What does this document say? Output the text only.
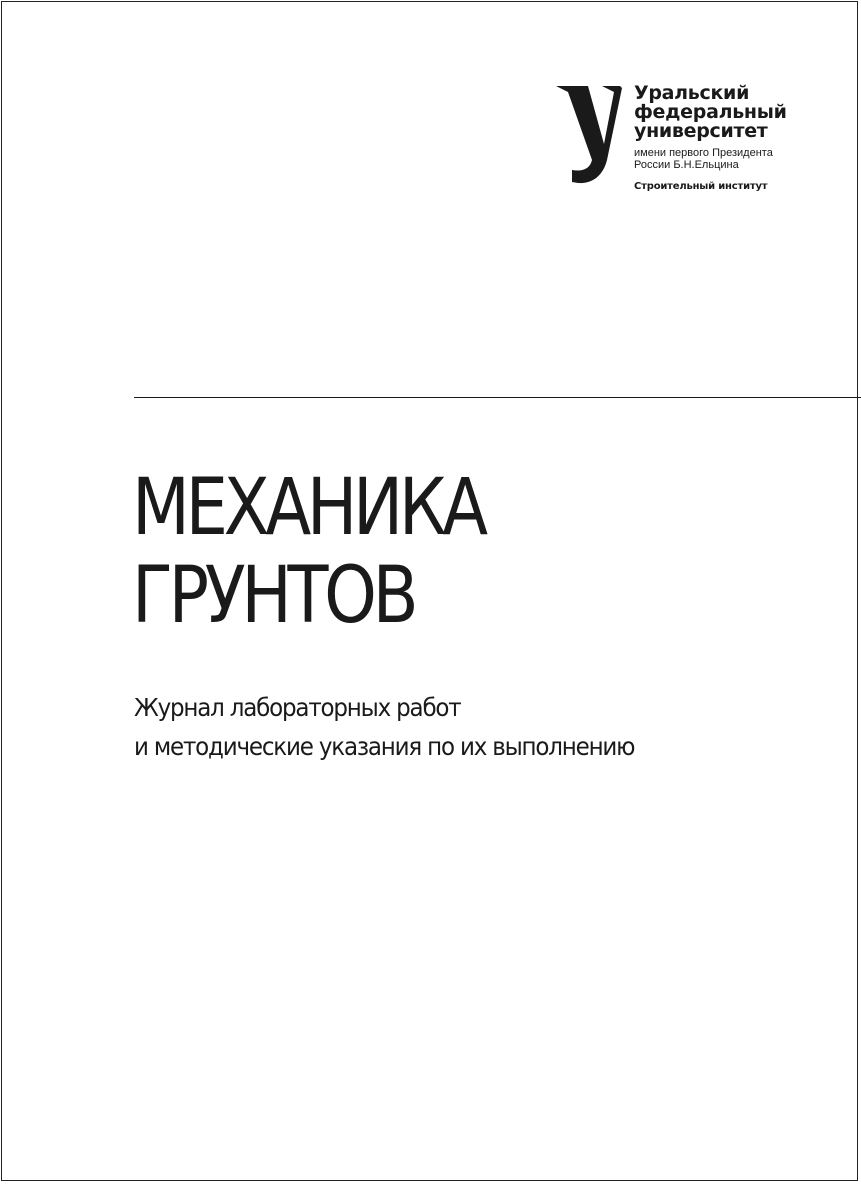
Уральский
федеральный
университет
имени первого Президента
России Б.Н.Ельцина
Строительный институт
МЕХАНИКА
ГРУНТОВ

Журнал лабораторных работ
и методические указания по их выполнению
